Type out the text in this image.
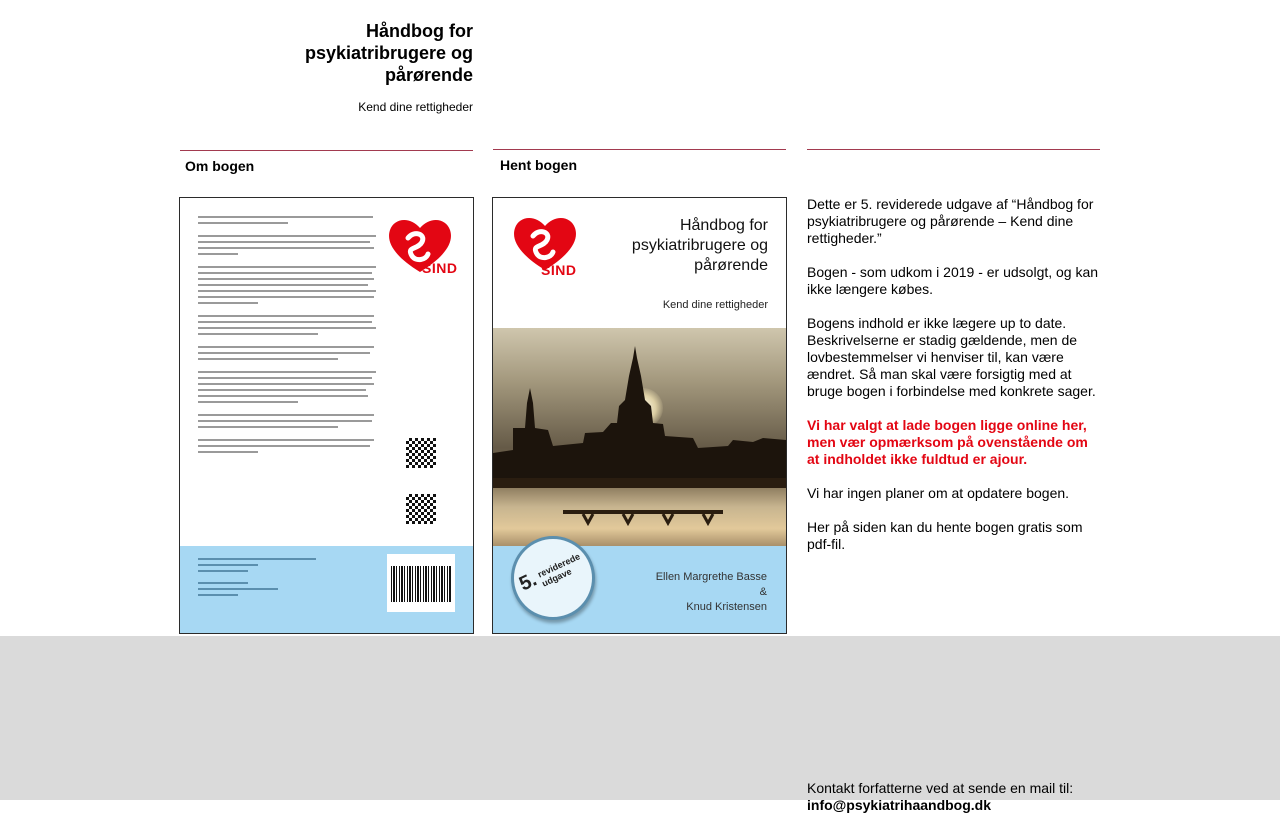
Håndbog for psykiatribrugere og pårørende
Kend dine rettigheder
Om bogen	Hent bogen
SIND	SIND
Håndbog for psykiatribrugere og pårørende
Kend dine rettigheder
5.
reviderede udgave	Ellen Margrethe Basse
&
Knud Kristensen

Dette er 5. reviderede udgave af “Håndbog for psykiatribrugere og pårørende – Kend dine rettigheder.”

Bogen - som udkom i 2019 - er udsolgt, og kan ikke længere købes.

Bogens indhold er ikke lægere up to date. Beskrivelserne er stadig gældende, men de lovbestemmelser vi henviser til, kan være ændret. Så man skal være forsigtig med at bruge bogen i forbindelse med konkrete sager.

Vi har valgt at lade bogen ligge online her, men vær opmærksom på ovenstående om at indholdet ikke fuldtud er ajour.

Vi har ingen planer om at opdatere bogen.

Her på siden kan du hente bogen gratis som pdf-fil.

Kontakt forfatterne ved at sende en mail til:
info@psykiatrihaandbog.dk
